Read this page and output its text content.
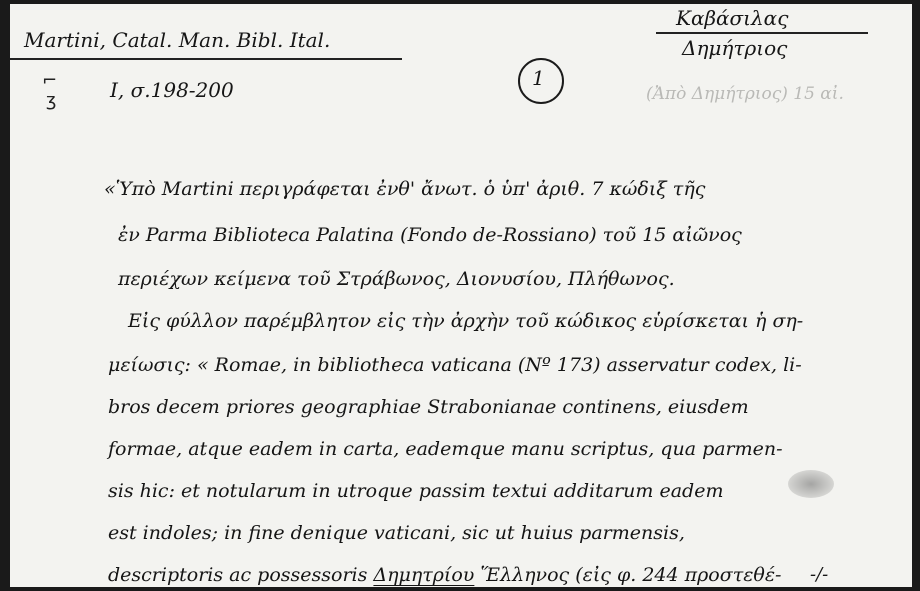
Martini, Catal. Man. Bibl. Ital.
Καβάσιλας
Δημήτριος
⌐
ʒ	I, σ.198-200	1
(Ἀπὸ Δημήτριος) 15 αἰ.
«Ὑπὸ Martini περιγράφεται ἐνθ' ἄνωτ. ὁ ὑπ' ἀριθ. 7 κώδιξ τῆς
ἐν Parma Biblioteca Palatina (Fondo de-Rossiano) τοῦ 15 αἰῶνος
περιέχων κείμενα τοῦ Στράβωνος, Διονυσίου, Πλήθωνος.
Εἰς φύλλον παρέμβλητον εἰς τὴν ἀρχὴν τοῦ κώδικος εὑρίσκεται ἡ ση-
μείωσις: « Romae, in bibliotheca vaticana (Nº 173) asservatur codex, li-
bros decem priores geographiae Strabonianae continens, eiusdem
formae, atque eadem in carta, eademque manu scriptus, qua parmen-
sis hic: et notularum in utroque passim textui additarum eadem
est indoles; in fine denique vaticani, sic ut huius parmensis,
descriptoris ac possessoris Δημητρίου Ἕλληνος (εἰς φ. 244 προστεθέ- -/-
